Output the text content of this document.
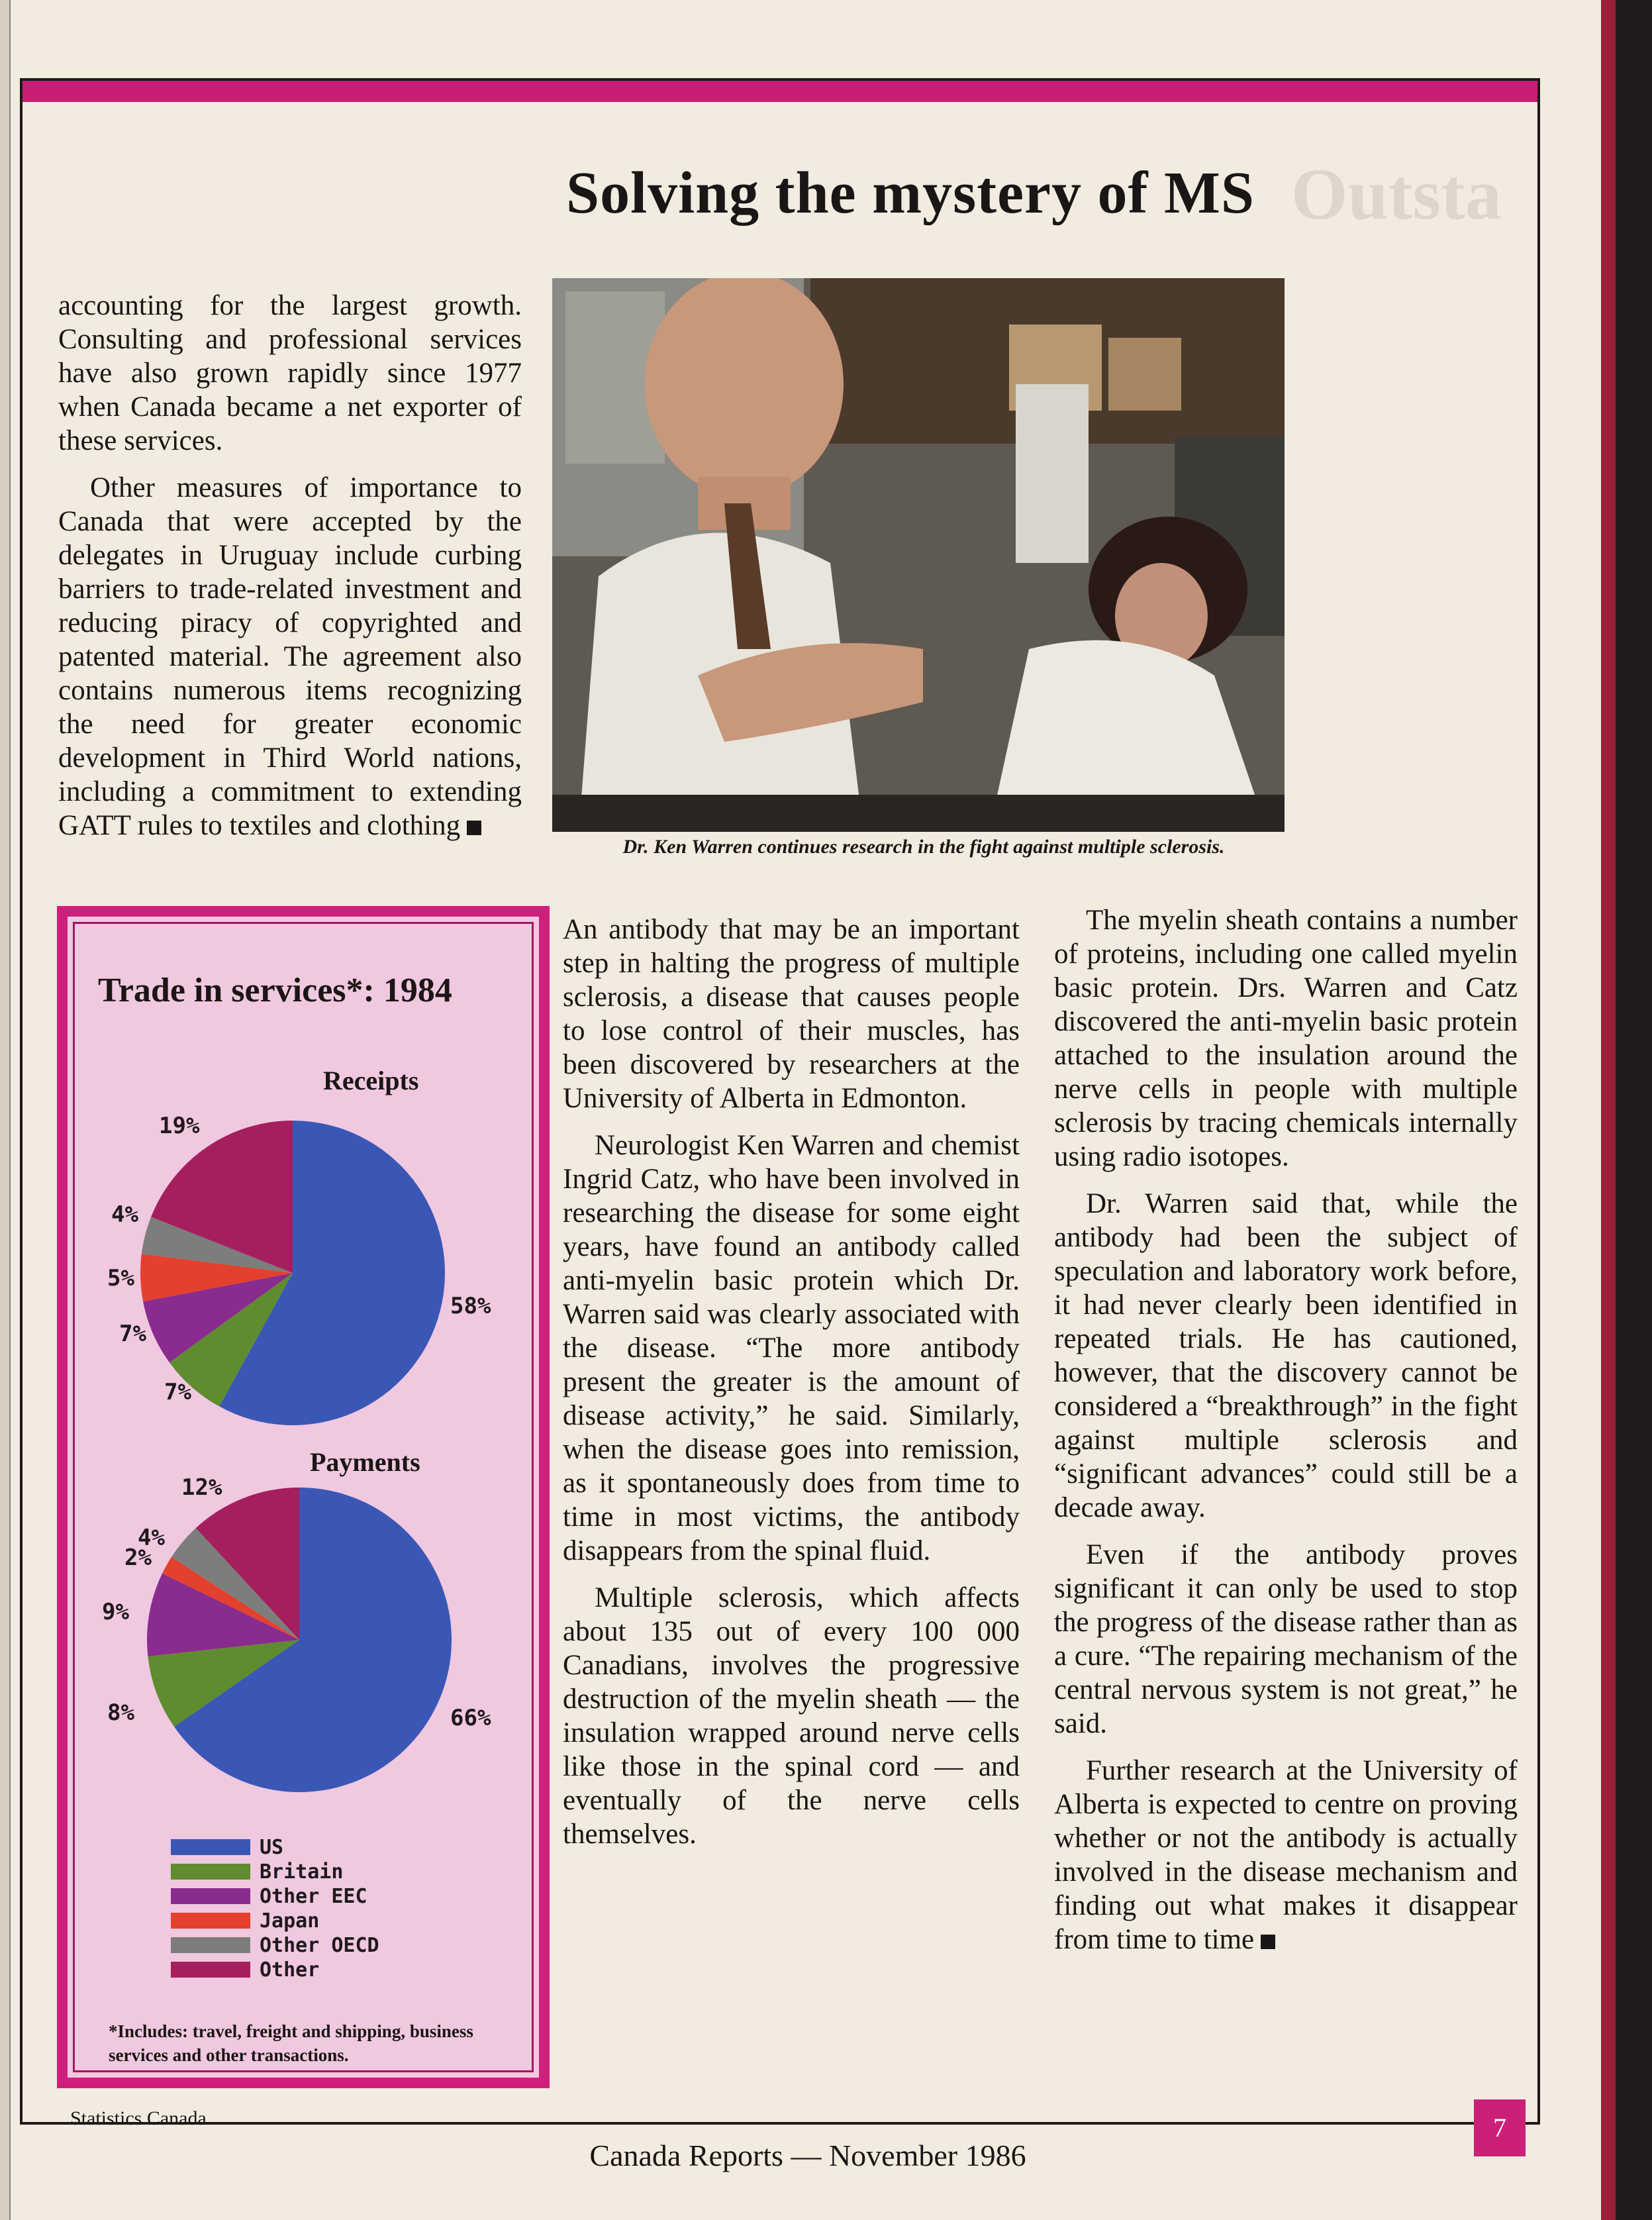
Outsta
Solving the mystery of MS

accounting for the largest growth. Consulting and professional services have also grown rapidly since 1977 when Canada became a net exporter of these services.

Other measures of importance to Canada that were accepted by the delegates in Uruguay include curbing barriers to trade-related investment and reducing piracy of copyrighted and patented material. The agreement also contains numerous items recognizing the need for greater economic development in Third World nations, including a commitment to extending GATT rules to textiles and clothing

Dr. Ken Warren continues research in the fight against multiple sclerosis.

An antibody that may be an important step in halting the progress of multiple sclerosis, a disease that causes people to lose control of their muscles, has been discovered by researchers at the University of Alberta in Edmonton.

Neurologist Ken Warren and chemist Ingrid Catz, who have been involved in researching the disease for some eight years, have found an antibody called anti-myelin basic protein which Dr. Warren said was clearly associated with the disease. “The more antibody present the greater is the amount of disease activity,” he said. Similarly, when the disease goes into remission, as it spontaneously does from time to time in most victims, the antibody disappears from the spinal fluid.

Multiple sclerosis, which affects about 135 out of every 100 000 Canadians, involves the progressive destruction of the myelin sheath — the insulation wrapped around nerve cells like those in the spinal cord — and eventually of the nerve cells themselves.

The myelin sheath contains a number of proteins, including one called myelin basic protein. Drs. Warren and Catz discovered the anti-myelin basic protein attached to the insulation around the nerve cells in people with multiple sclerosis by tracing chemicals internally using radio isotopes.

Dr. Warren said that, while the antibody had been the subject of speculation and laboratory work before, it had never clearly been identified in repeated trials. He has cautioned, however, that the discovery cannot be considered a “breakthrough” in the fight against multiple sclerosis and “significant advances” could still be a decade away.

Even if the antibody proves significant it can only be used to stop the progress of the disease rather than as a cure. “The repairing mechanism of the central nervous system is not great,” he said.

Further research at the University of Alberta is expected to centre on proving whether or not the antibody is actually involved in the disease mechanism and finding out what makes it disappear from time to time

Trade in services*: 1984
Receipts
19%
4%
5%
7%
7%
58%
Payments
12%
4%
2%
9%
8%	66%
US
Britain
Other EEC
Japan
Other OECD
Other
*Includes: travel, freight and shipping, business services and other transactions.
Statistics Canada
Canada Reports — November 1986
7
